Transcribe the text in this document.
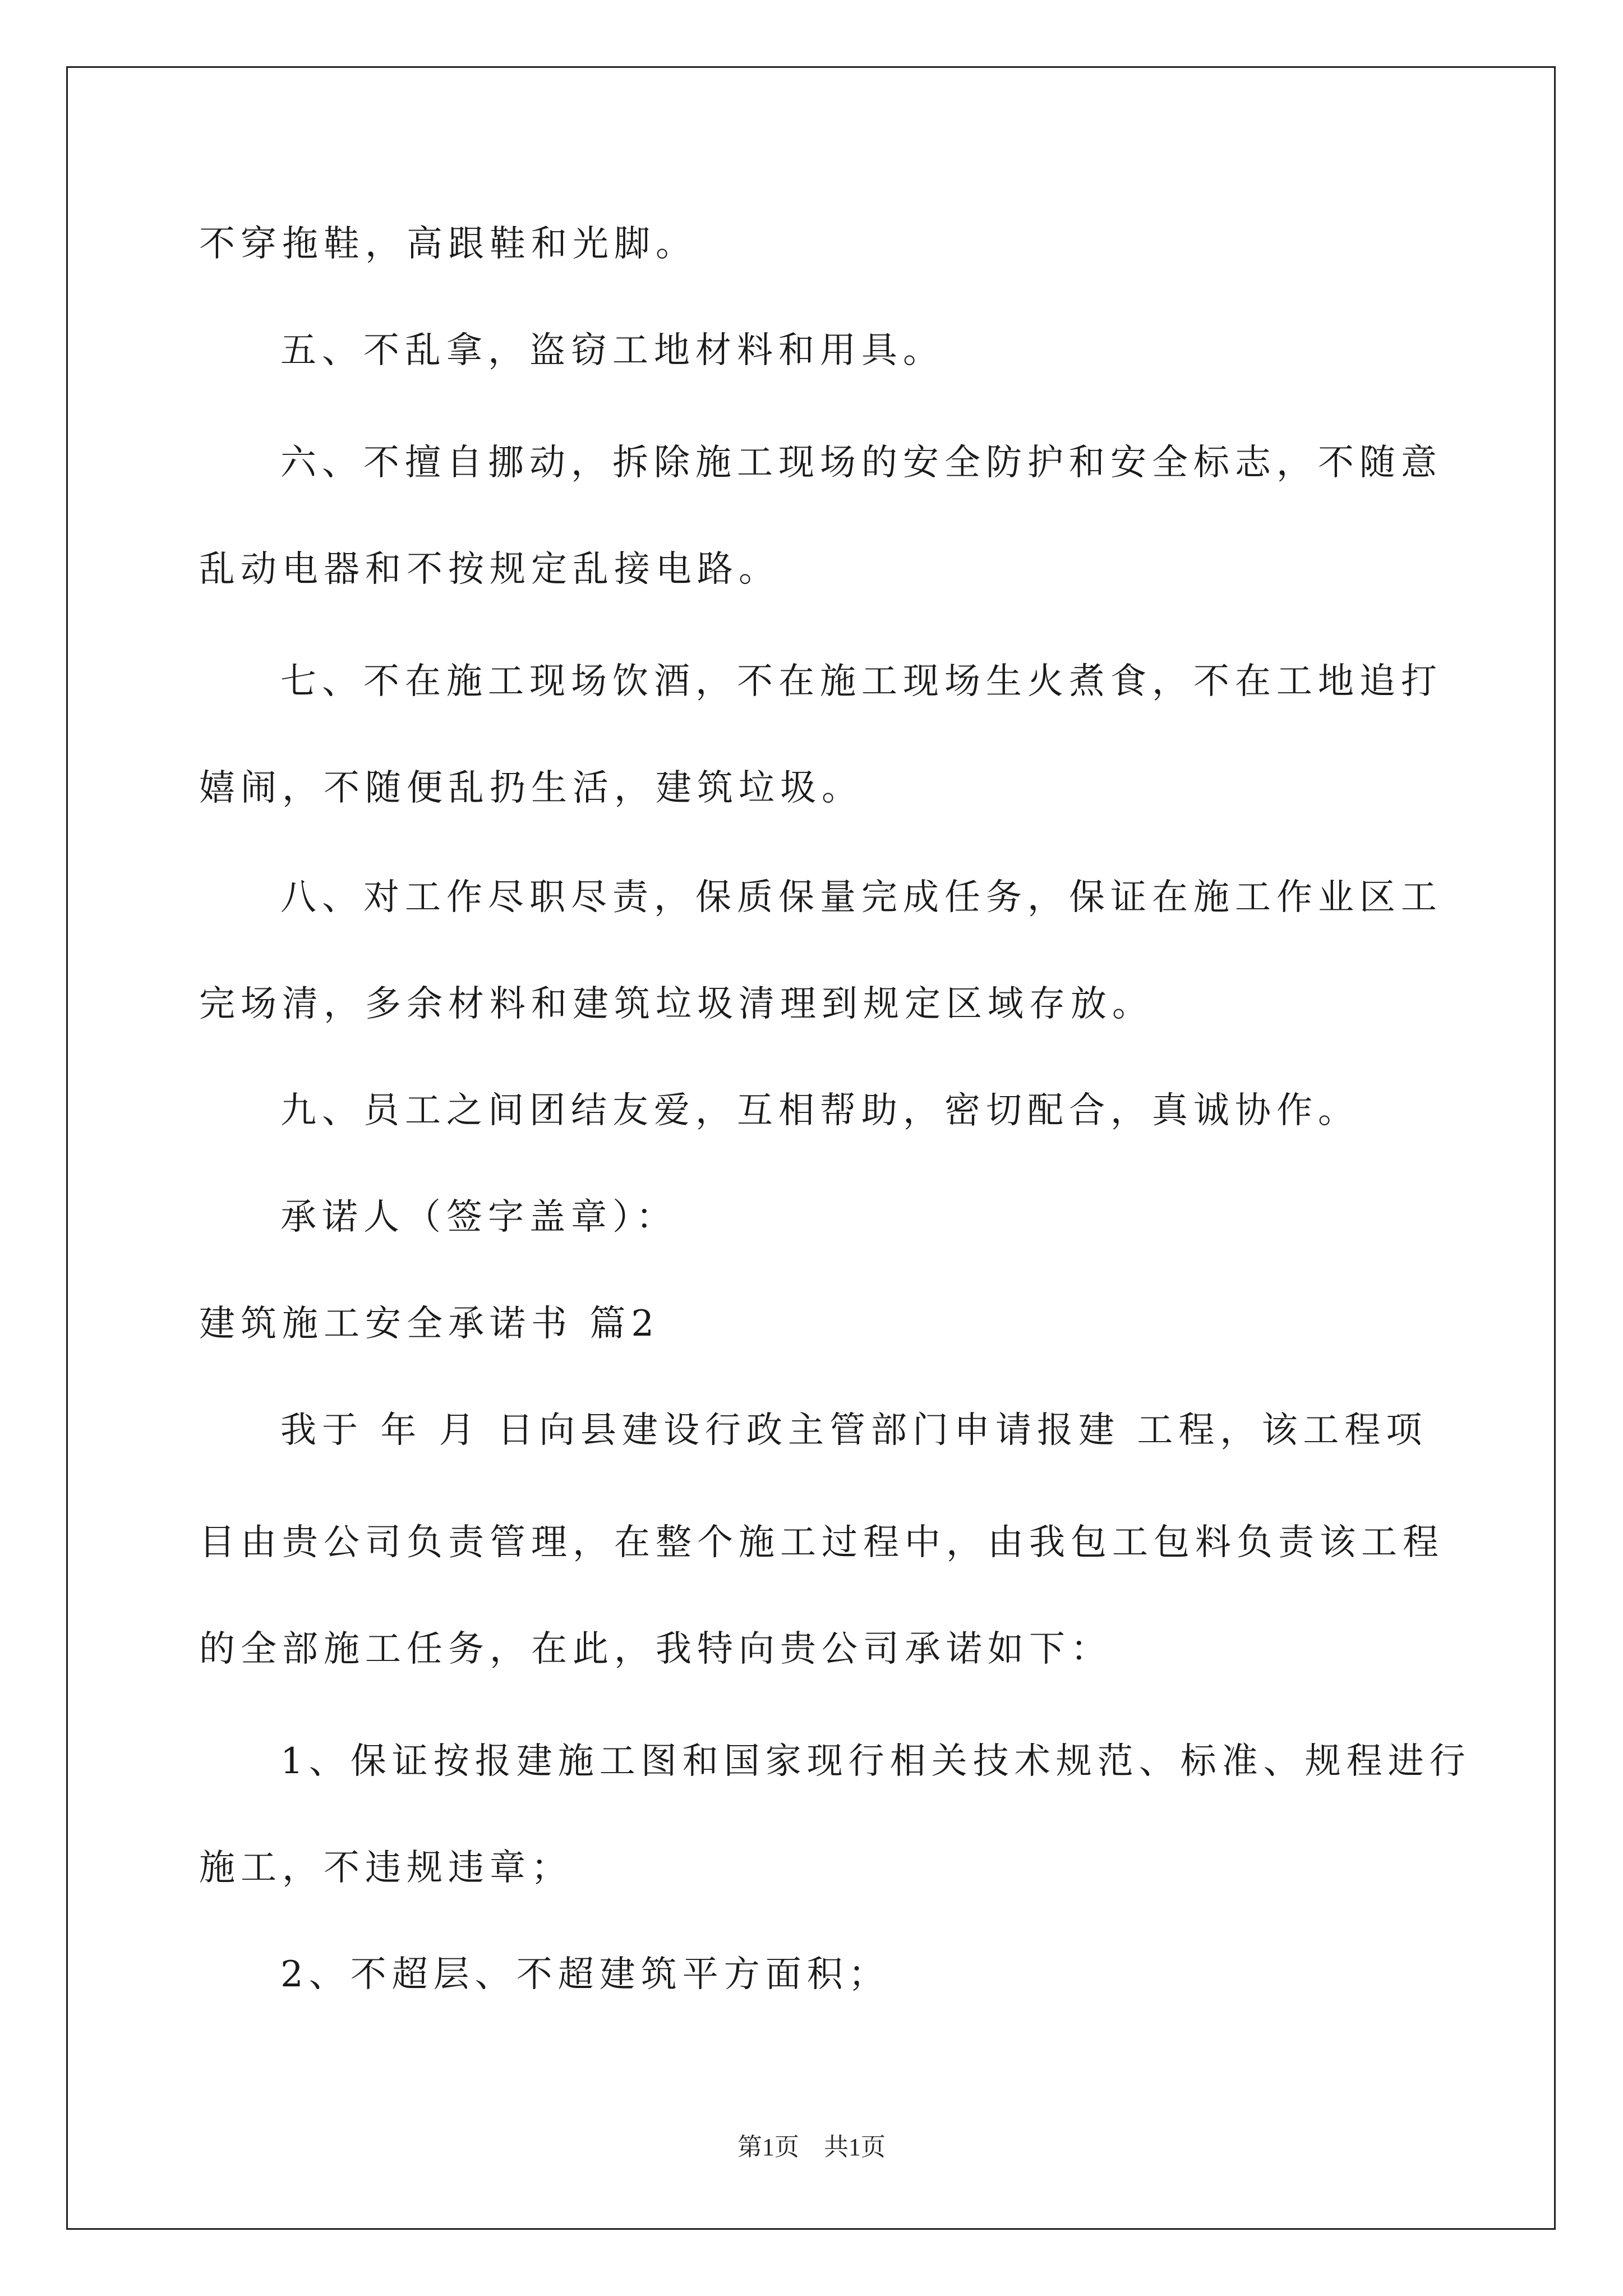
不穿拖鞋，高跟鞋和光脚。
五、不乱拿，盗窃工地材料和用具。
六、不擅自挪动，拆除施工现场的安全防护和安全标志，不随意
乱动电器和不按规定乱接电路。
七、不在施工现场饮酒，不在施工现场生火煮食，不在工地追打
嬉闹，不随便乱扔生活，建筑垃圾。
八、对工作尽职尽责，保质保量完成任务，保证在施工作业区工
完场清，多余材料和建筑垃圾清理到规定区域存放。
九、员工之间团结友爱，互相帮助，密切配合，真诚协作。
承诺人（签字盖章）：
建筑施工安全承诺书 篇2
我于 年 月 日向县建设行政主管部门申请报建 工程，该工程项
目由贵公司负责管理，在整个施工过程中，由我包工包料负责该工程
的全部施工任务，在此，我特向贵公司承诺如下：
1、保证按报建施工图和国家现行相关技术规范、标准、规程进行
施工，不违规违章；
2、不超层、不超建筑平方面积；
第1页　共1页
